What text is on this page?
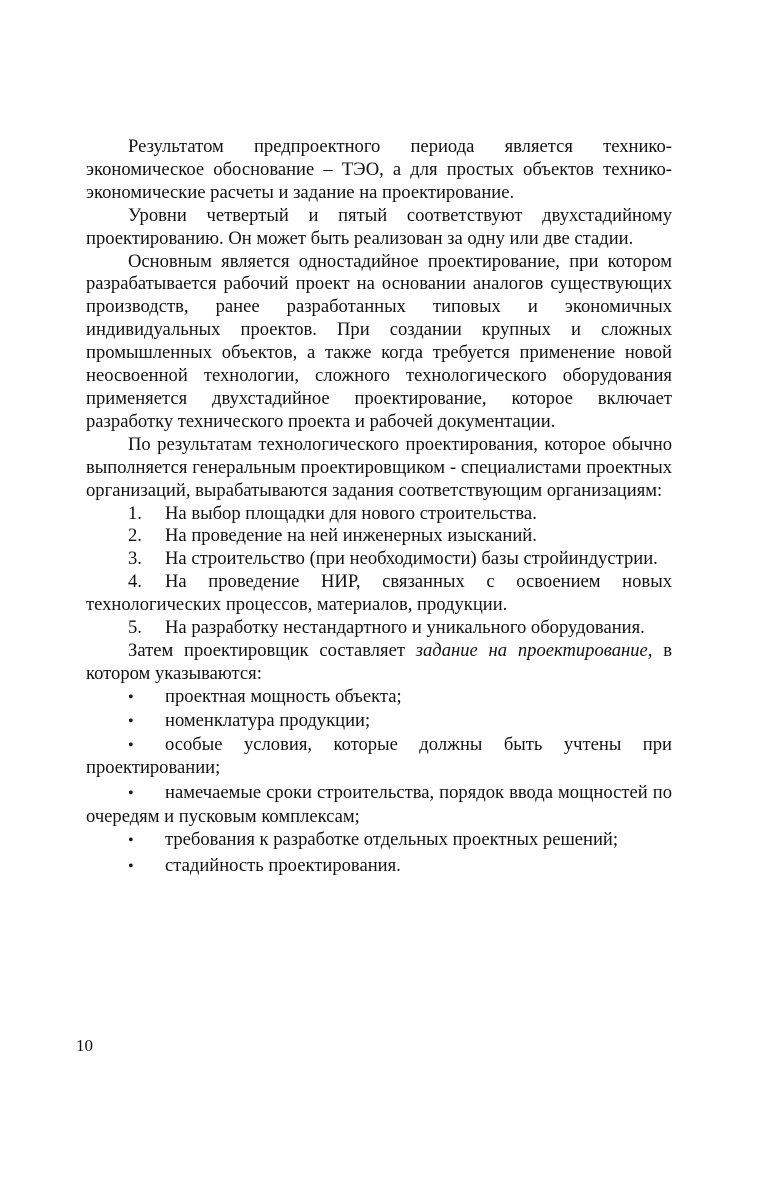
Результатом предпроектного периода является технико-экономическое обоснование – ТЭО, а для простых объектов технико-экономические расчеты и задание на проектирование.

Уровни четвертый и пятый соответствуют двухстадийному проектированию. Он может быть реализован за одну или две стадии.

Основным является одностадийное проектирование, при котором разрабатывается рабочий проект на основании аналогов существующих производств, ранее разработанных типовых и экономичных индивидуальных проектов. При создании крупных и сложных промышленных объектов, а также когда требуется применение новой неосвоенной технологии, сложного технологического оборудования применяется двухстадийное проектирование, которое включает разработку технического проекта и рабочей документации.

По результатам технологического проектирования, которое обычно выполняется генеральным проектировщиком - специалистами проектных организаций, вырабатываются задания соответствующим организациям:

1. На выбор площадки для нового строительства.

2. На проведение на ней инженерных изысканий.

3. На строительство (при необходимости) базы стройиндустрии.

4. На проведение НИР, связанных с освоением новых технологических процессов, материалов, продукции.

5. На разработку нестандартного и уникального оборудования.

Затем проектировщик составляет задание на проектирование, в котором указываются:

• проектная мощность объекта;

• номенклатура продукции;

• особые условия, которые должны быть учтены при проектировании;

• намечаемые сроки строительства, порядок ввода мощностей по очередям и пусковым комплексам;

• требования к разработке отдельных проектных решений;

• стадийность проектирования.

10
